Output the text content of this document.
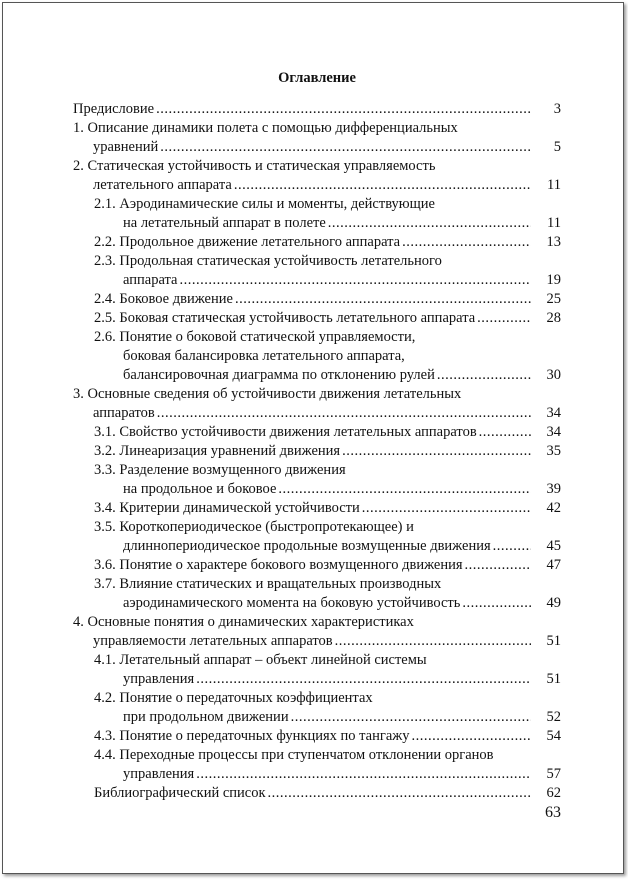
Оглавление
Предисловие .....	3
1. Описание динамики полета с помощью дифференциальных
уравнений .....	5
2. Статическая устойчивость и статическая управляемость
летательного аппарата .....	11
2.1. Аэродинамические силы и моменты, действующие
на летательный аппарат в полете .....	11
2.2. Продольное движение летательного аппарата .....	13
2.3. Продольная статическая устойчивость летательного
аппарата .....	19
2.4. Боковое движение .....	25
2.5. Боковая статическая устойчивость летательного аппарата .....	28
2.6. Понятие о боковой статической управляемости,
боковая балансировка летательного аппарата,
балансировочная диаграмма по отклонению рулей .....	30
3. Основные сведения об устойчивости движения летательных
аппаратов .....	34
3.1. Свойство устойчивости движения летательных аппаратов .....	34
3.2. Линеаризация уравнений движения .....	35
3.3. Разделение возмущенного движения
на продольное и боковое .....	39
3.4. Критерии динамической устойчивости .....	42
3.5. Короткопериодическое (быстропротекающее) и
длиннопериодическое продольные возмущенные движения .....	45
3.6. Понятие о характере бокового возмущенного движения .....	47
3.7. Влияние статических и вращательных производных
аэродинамического момента на боковую устойчивость .....	49
4. Основные понятия о динамических характеристиках
управляемости летательных аппаратов .....	51
4.1. Летательный аппарат – объект линейной системы
управления .....	51
4.2. Понятие о передаточных коэффициентах
при продольном движении .....	52
4.3. Понятие о передаточных функциях по тангажу .....	54
4.4. Переходные процессы при ступенчатом отклонении органов
управления .....	57
Библиографический список .....	62
63
